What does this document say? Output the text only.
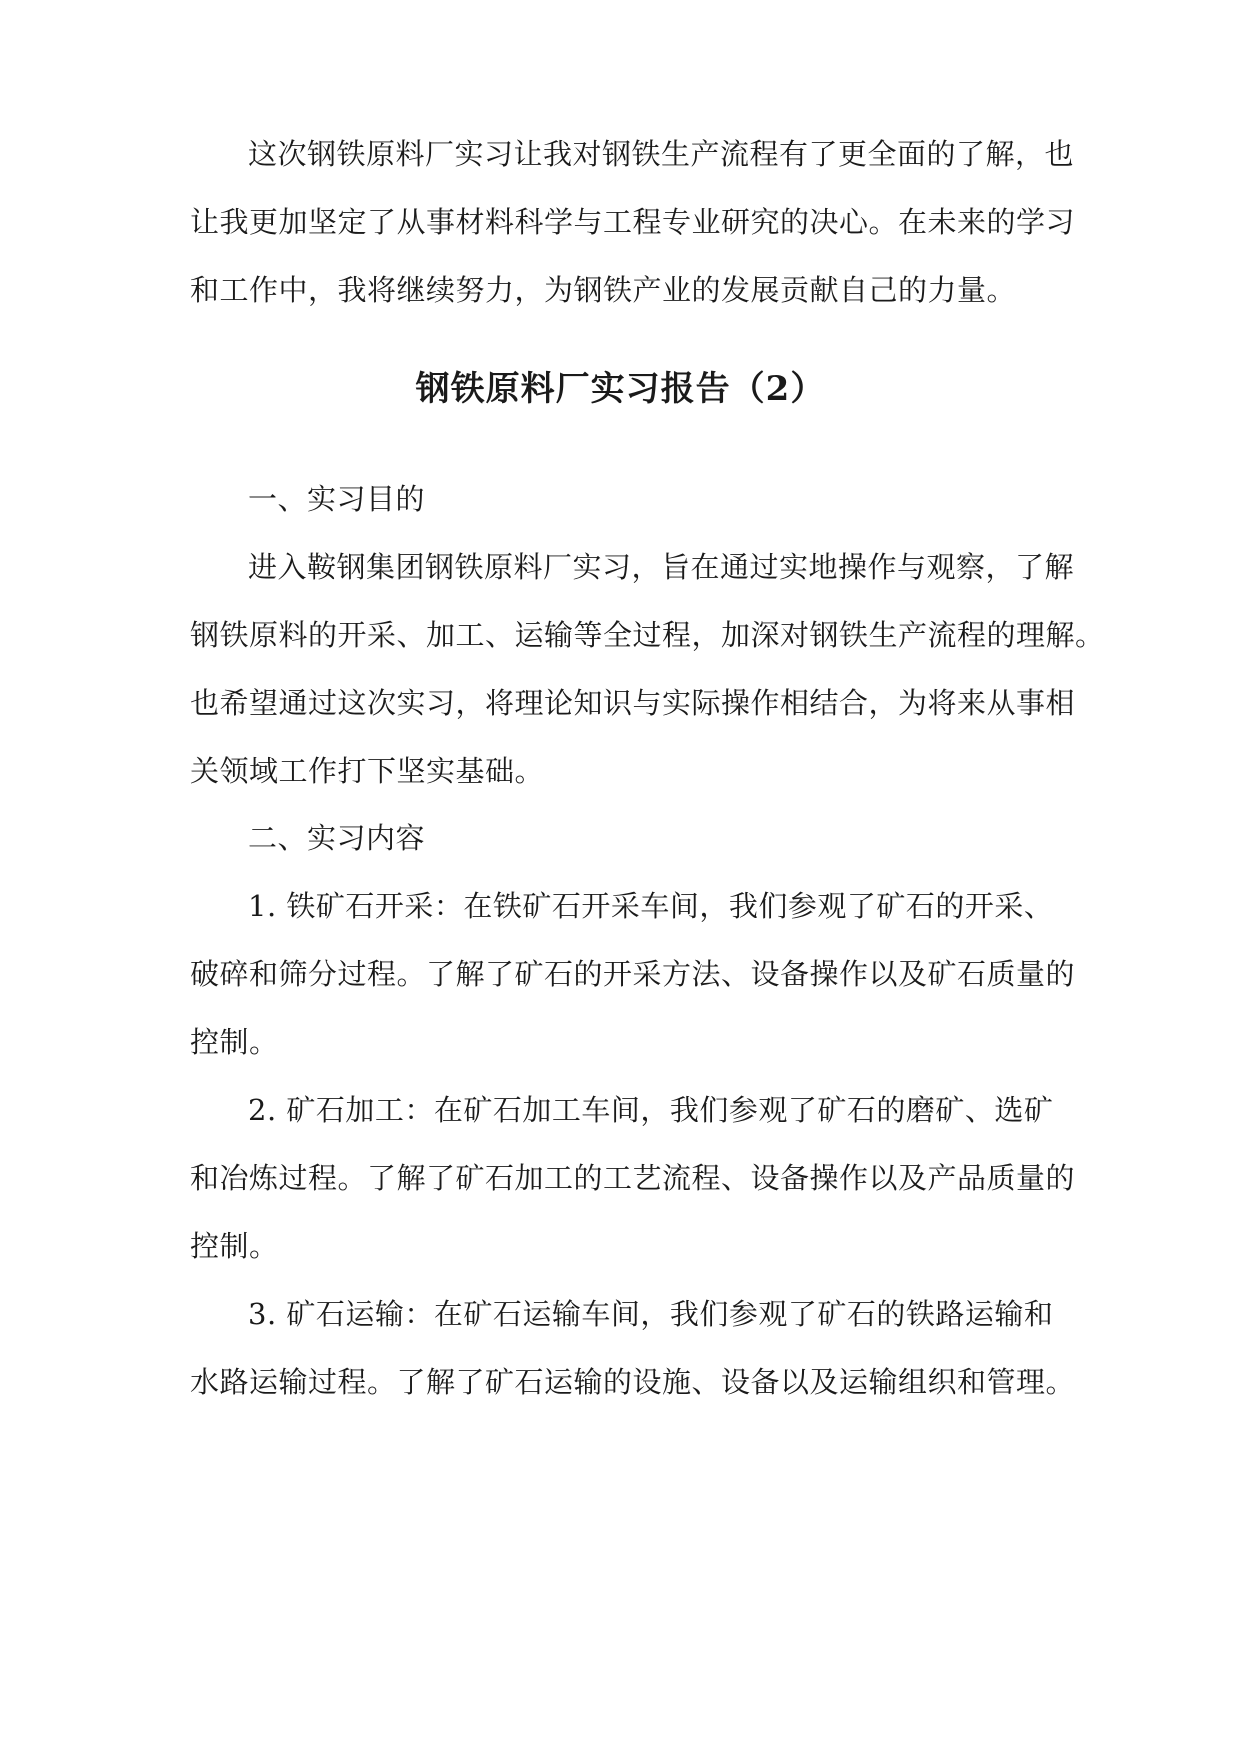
这次钢铁原料厂实习让我对钢铁生产流程有了更全面的了解，也
让我更加坚定了从事材料科学与工程专业研究的决心。在未来的学习
和工作中，我将继续努力，为钢铁产业的发展贡献自己的力量。
钢铁原料厂实习报告（2）
一、实习目的
进入鞍钢集团钢铁原料厂实习，旨在通过实地操作与观察，了解
钢铁原料的开采、加工、运输等全过程，加深对钢铁生产流程的理解。
也希望通过这次实习，将理论知识与实际操作相结合，为将来从事相
关领域工作打下坚实基础。
二、实习内容
1. 铁矿石开采：在铁矿石开采车间，我们参观了矿石的开采、
破碎和筛分过程。了解了矿石的开采方法、设备操作以及矿石质量的
控制。
2. 矿石加工：在矿石加工车间，我们参观了矿石的磨矿、选矿
和冶炼过程。了解了矿石加工的工艺流程、设备操作以及产品质量的
控制。
3. 矿石运输：在矿石运输车间，我们参观了矿石的铁路运输和
水路运输过程。了解了矿石运输的设施、设备以及运输组织和管理。
